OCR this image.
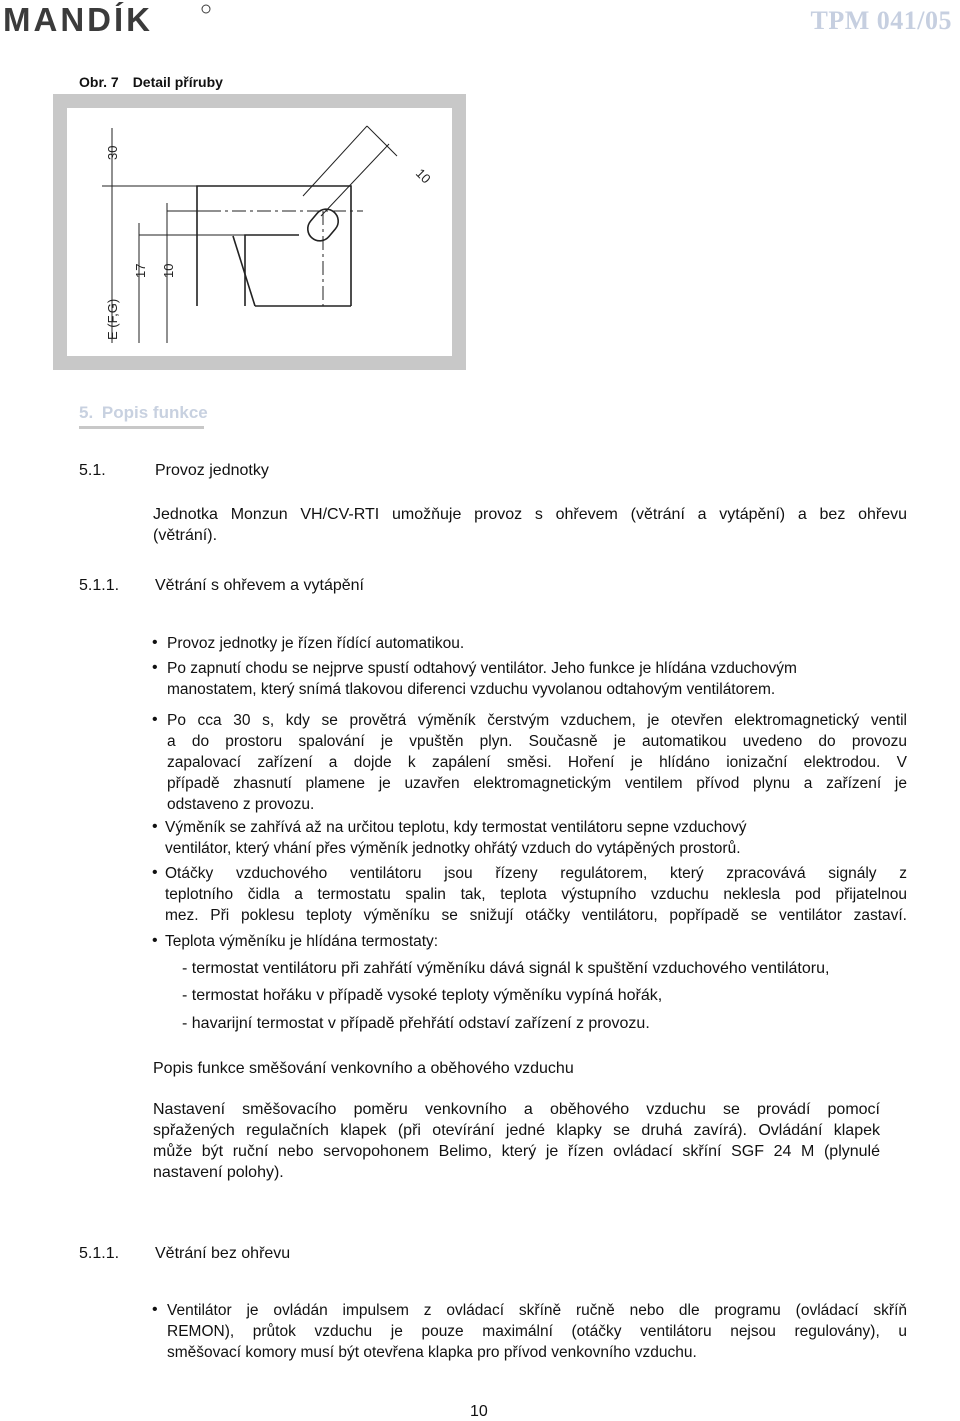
MANDÍK	TPM 041/05
Obr. 7 Detail příruby
10
30
17 10
E (F,G)
5. Popis funkce
5.1.	Provoz jednotky
Jednotka Monzun VH/CV-RTI umožňuje provoz s ohřevem (větrání a vytápění) a bez ohřevu
(větrání).
5.1.1. Větrání s ohřevem a vytápění
• Provoz jednotky je řízen řídící automatikou.
• Po zapnutí chodu se nejprve spustí odtahový ventilátor. Jeho funkce je hlídána vzduchovým
manostatem, který snímá tlakovou diferenci vzduchu vyvolanou odtahovým ventilátorem.
• Po cca 30 s, kdy se provětrá výměník čerstvým vzduchem, je otevřen elektromagnetický ventil
a do prostoru spalování je vpuštěn plyn. Současně je automatikou uvedeno do provozu
zapalovací zařízení a dojde k zapálení směsi. Hoření je hlídáno ionizační elektrodou. V
případě zhasnutí plamene je uzavřen elektromagnetickým ventilem přívod plynu a zařízení je
odstaveno z provozu.
• Výměník se zahřívá až na určitou teplotu, kdy termostat ventilátoru sepne vzduchový
ventilátor, který vhání přes výměník jednotky ohřátý vzduch do vytápěných prostorů.
• Otáčky vzduchového ventilátoru jsou řízeny regulátorem, který zpracovává signály z
teplotního čidla a termostatu spalin tak, teplota výstupního vzduchu neklesla pod přijatelnou
mez. Při poklesu teploty výměníku se snižují otáčky ventilátoru, popřípadě se ventilátor zastaví.
• Teplota výměníku je hlídána termostaty:
- termostat ventilátoru při zahřátí výměníku dává signál k spuštění vzduchového ventilátoru,
- termostat hořáku v případě vysoké teploty výměníku vypíná hořák,
- havarijní termostat v případě přehřátí odstaví zařízení z provozu.
Popis funkce směšování venkovního a oběhového vzduchu
Nastavení směšovacího poměru venkovního a oběhového vzduchu se provádí pomocí
spřažených regulačních klapek (při otevírání jedné klapky se druhá zavírá). Ovládání klapek
může být ruční nebo servopohonem Belimo, který je řízen ovládací skříní SGF 24 M (plynulé
nastavení polohy).
5.1.1. Větrání bez ohřevu
• Ventilátor je ovládán impulsem z ovládací skříně ručně nebo dle programu (ovládací skříň
REMON), průtok vzduchu je pouze maximální (otáčky ventilátoru nejsou regulovány), u
směšovací komory musí být otevřena klapka pro přívod venkovního vzduchu.
10
